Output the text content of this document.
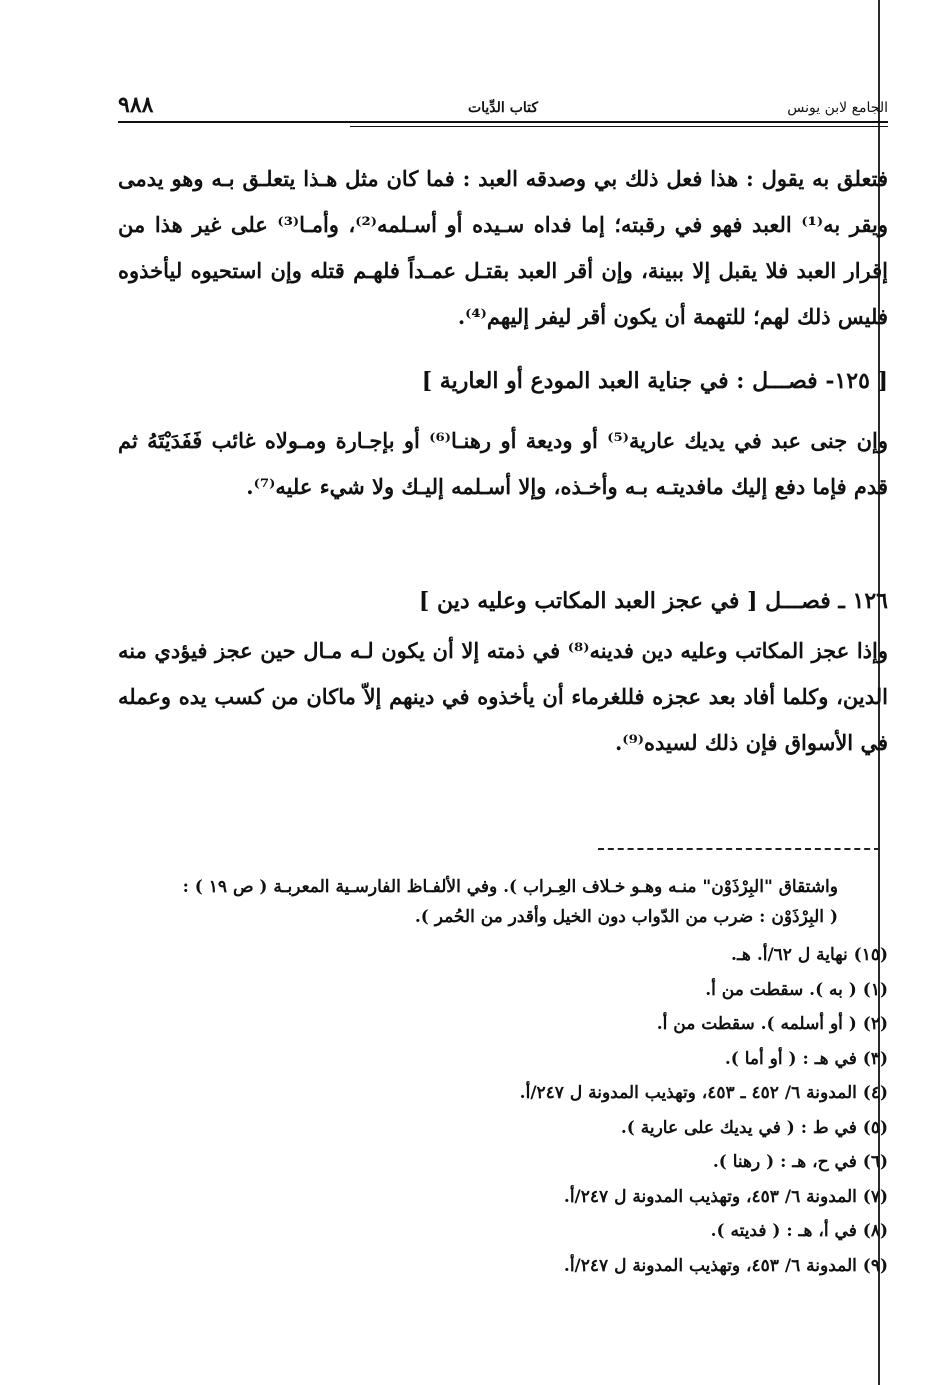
الجامع لابن يونس
كتاب الدِّيات
٩٨٨

فتعلق به يقول : هذا فعل ذلك بي وصدقه العبد : فما كان مثل هـذا يتعلـق بـه وهو يدمى ويقر به⁽¹⁾ العبد فهو في رقبته؛ إما فداه سـيده أو أسـلمه⁽²⁾، وأمـا⁽³⁾ على غير هذا من إقرار العبد فلا يقبل إلا ببينة، وإن أقر العبد بقتـل عمـداً فلهـم قتله وإن استحيوه ليأخذوه فليس ذلك لهم؛ للتهمة أن يكون أقر ليفر إليهم⁽⁴⁾.

[ ١٢٥- فصـــل : في جناية العبد المودع أو العارية ]

وإن جنى عبد في يديك عارية⁽⁵⁾ أو وديعة أو رهنـا⁽⁶⁾ أو بإجـارة ومـولاه غائب فَفَدَيْتَهُ ثم قدم فإما دفع إليك مافديتـه بـه وأخـذه، وإلا أسـلمه إليـك ولا شيء عليه⁽⁷⁾.

١٢٦ ـ فصـــل [ في عجز العبد المكاتب وعليه دين ]

وإذا عجز المكاتب وعليه دين فدينه⁽⁸⁾ في ذمته إلا أن يكون لـه مـال حين عجز فيؤدي منه الدين، وكلما أفاد بعد عجزه فللغرماء أن يأخذوه في دينهم إلاّ ماكان من كسب يده وعمله في الأسواق فإن ذلك لسيده⁽⁹⁾.

واشتقاق "البِرْذَوْن" منـه وهـو خـلاف العِـراب ). وفي الألفـاظ الفارسـية المعربـة ( ص ١٩ ) :

( البِرْذَوْن : ضرب من الدّواب دون الخيل وأقدر من الحُمر ).

(١٥) نهاية ل ٦٢/أ. هـ.
(١) ( به ). سقطت من أ.
(٢) ( أو أسلمه ). سقطت من أ.
(٣) في هـ : ( أو أما ).
(٤) المدونة ٦/ ٤٥٢ ـ ٤٥٣، وتهذيب المدونة ل ٢٤٧/أ.
(٥) في ط : ( في يديك على عارية ).
(٦) في ح، هـ : ( رهنا ).
(٧) المدونة ٦/ ٤٥٣، وتهذيب المدونة ل ٢٤٧/أ.
(٨) في أ، هـ : ( فديته ).
(٩) المدونة ٦/ ٤٥٣، وتهذيب المدونة ل ٢٤٧/أ.
